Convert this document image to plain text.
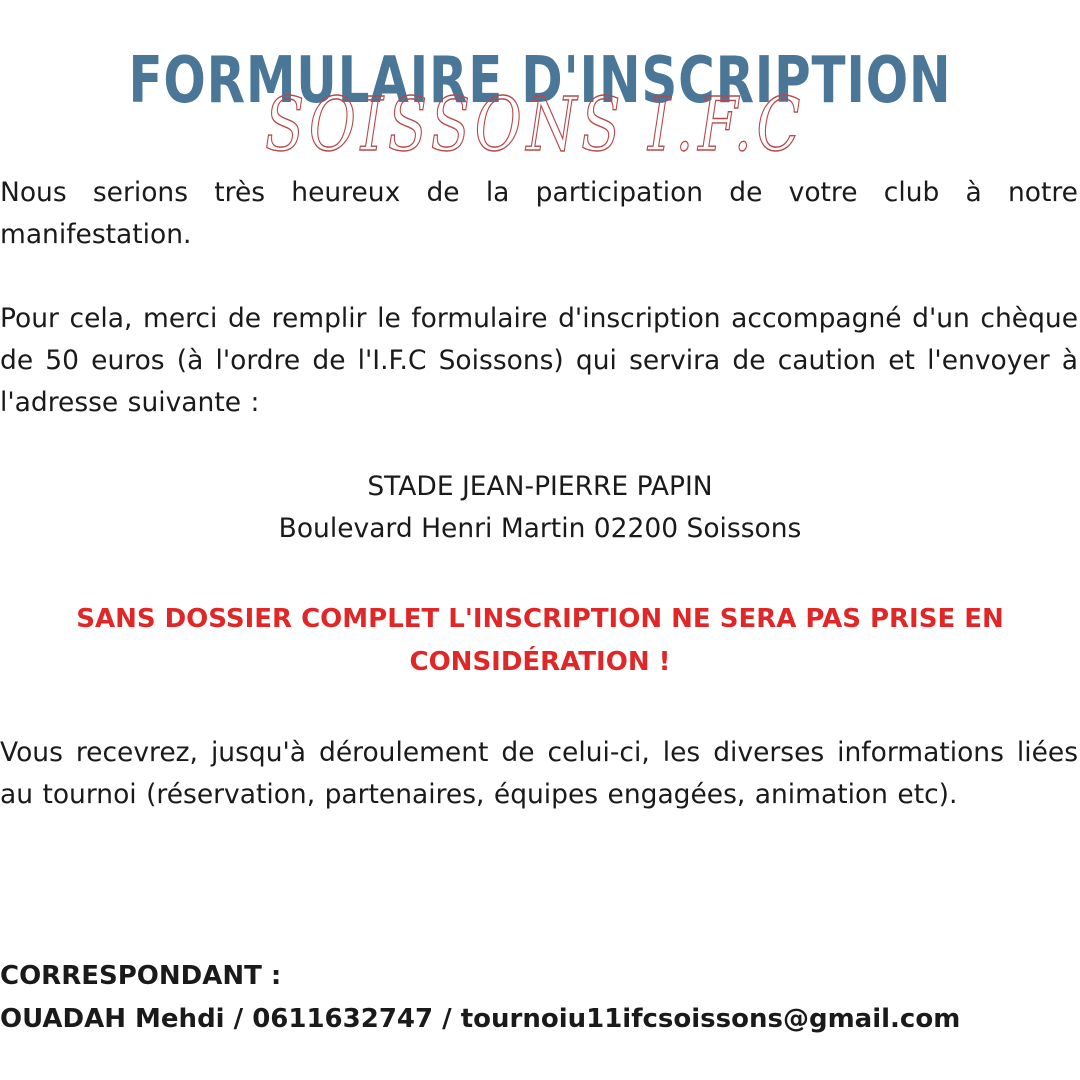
FORMULAIRE D'INSCRIPTION
SOISSONS I.F.C
Nous serions très heureux de la participation de votre club à notre manifestation.
Pour cela, merci de remplir le formulaire d'inscription accompagné d'un chèque de 50 euros (à l'ordre de l'I.F.C Soissons) qui servira de caution et l'envoyer à l'adresse suivante :
STADE JEAN-PIERRE PAPIN
Boulevard Henri Martin 02200 Soissons
SANS DOSSIER COMPLET L'INSCRIPTION NE SERA PAS PRISE EN
CONSIDÉRATION !
Vous recevrez, jusqu'à déroulement de celui-ci, les diverses informations liées au tournoi (réservation, partenaires, équipes engagées, animation etc).
CORRESPONDANT :
OUADAH Mehdi / 0611632747 / tournoiu11ifcsoissons@gmail.com
